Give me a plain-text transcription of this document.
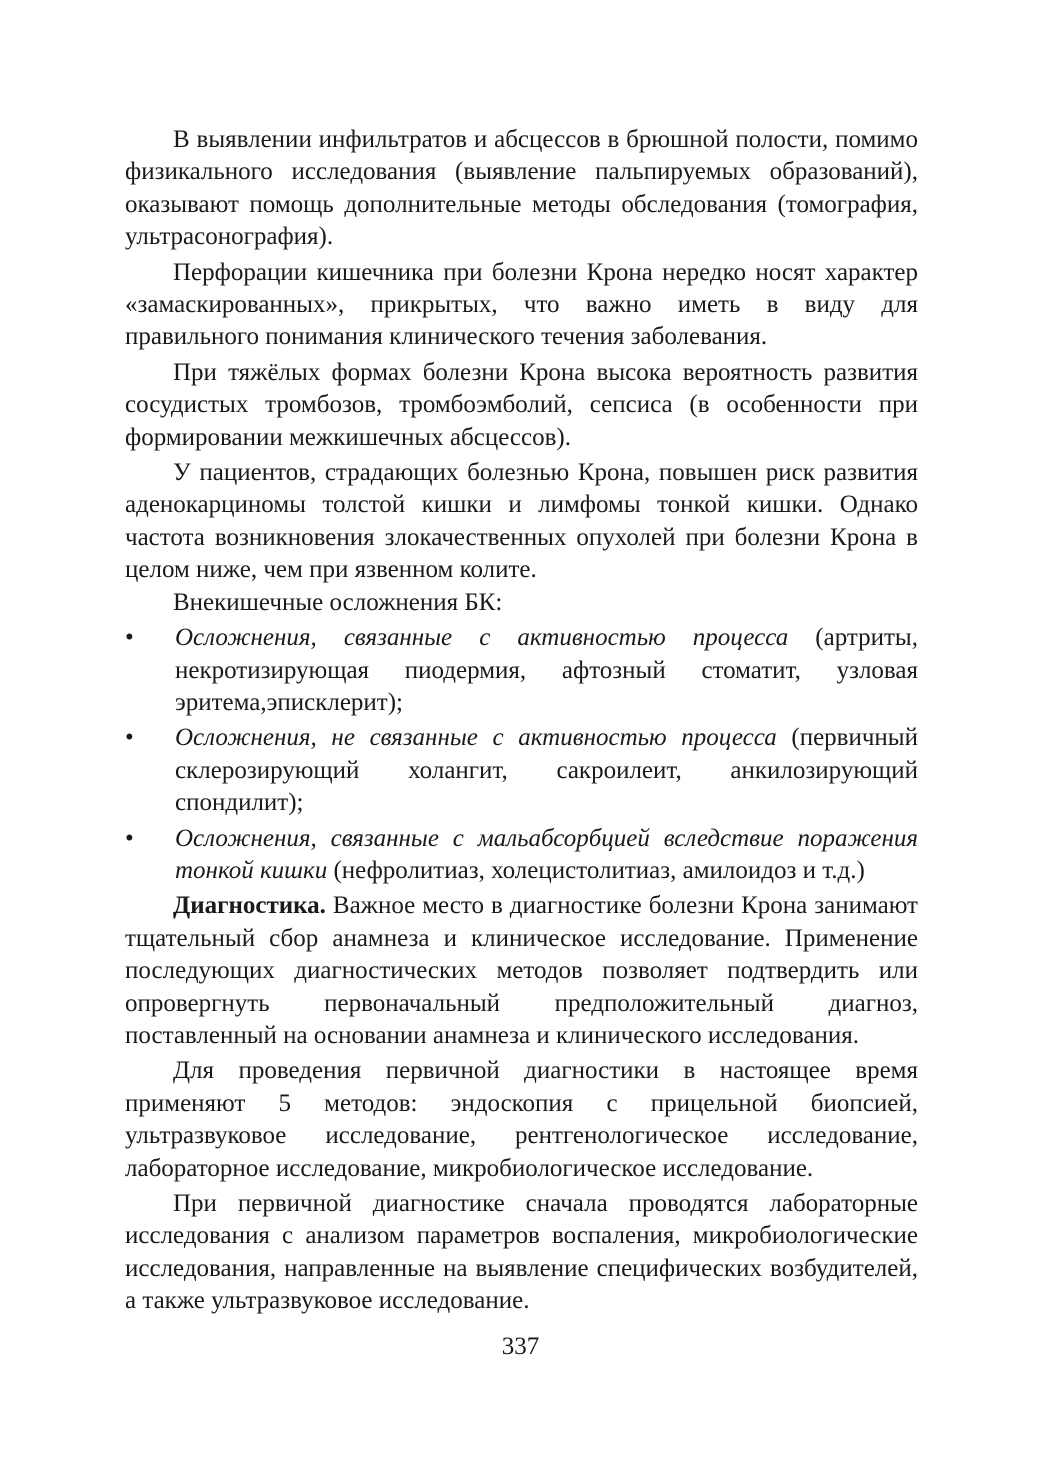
В выявлении инфильтратов и абсцессов в брюшной полости, помимо физикального исследования (выявление пальпируемых образований), оказывают помощь дополнительные методы обследования (томография, ультрасонография).

Перфорации кишечника при болезни Крона нередко носят характер «замаскированных», прикрытых, что важно иметь в виду для правильного понимания клинического течения заболевания.

При тяжёлых формах болезни Крона высока вероятность развития сосудистых тромбозов, тромбоэмболий, сепсиса (в особенности при формировании межкишечных абсцессов).

У пациентов, страдающих болезнью Крона, повышен риск развития аденокарциномы толстой кишки и лимфомы тонкой кишки. Однако частота возникновения злокачественных опухолей при болезни Крона в целом ниже, чем при язвенном колите.

Внекишечные осложнения БК:

•	Осложнения, связанные с активностью процесса (артриты, некротизирующая пиодермия, афтозный стоматит, узловая эритема,эписклерит);
•	Осложнения, не связанные с активностью процесса (первичный склерозирующий холангит, сакроилеит, анкилозирующий спондилит);
•	Осложнения, связанные с мальабсорбцией вследствие поражения тонкой кишки (нефролитиаз, холецистолитиаз, амилоидоз и т.д.)

Диагностика. Важное место в диагностике болезни Крона занимают тщательный сбор анамнеза и клиническое исследование. Применение последующих диагностических методов позволяет подтвердить или опровергнуть первоначальный предположительный диагноз, поставленный на основании анамнеза и клинического исследования.

Для проведения первичной диагностики в настоящее время применяют 5 методов: эндоскопия с прицельной биопсией, ультразвуковое исследование, рентгенологическое исследование, лабораторное исследование, микробиологическое исследование.

При первичной диагностике сначала проводятся лабораторные исследования с анализом параметров воспаления, микробиологические исследования, направленные на выявление специфических возбудителей, а также ультразвуковое исследование.

337
